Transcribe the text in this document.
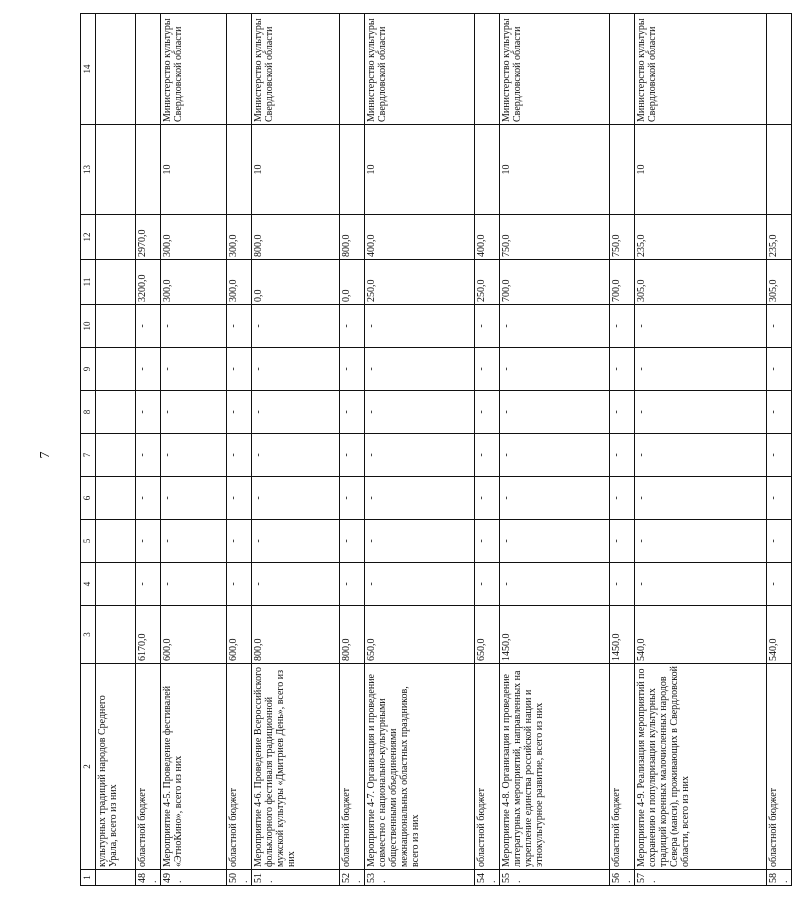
7
1	2	3	4	5	6	7	8	9	10	11	12	13	14
	культурных традиций народов Среднего Урала, всего из них												
48.	областной бюджет	6170,0	-	-	-	-	-	-	-	3200,0	2970,0		
49.	Мероприятие 4-5. Проведение фестивалей «ЭтноКино», всего из них	600,0	-	-	-	-	-	-	-	300,0	300,0	10	Министерство культуры Свердловской области
50.	областной бюджет	600,0	-	-	-	-	-	-	-	300,0	300,0		
51.	Мероприятие 4-6. Проведение Всероссийского фольклорного фестиваля традиционной мужской культуры «Дмитриев День», всего из них	800,0	-	-	-	-	-	-	-	0,0	800,0	10	Министерство культуры Свердловской области
52.	областной бюджет	800,0	-	-	-	-	-	-	-	0,0	800,0		
53.	Мероприятие 4-7. Организация и проведение совместно с национально-культурными общественными объединениями межнациональных областных праздников, всего из них	650,0	-	-	-	-	-	-	-	250,0	400,0	10	Министерство культуры Свердловской области
54.	областной бюджет	650,0	-	-	-	-	-	-	-	250,0	400,0		
55.	Мероприятие 4-8. Организация и проведение литературных мероприятий, направленных на укрепление единства российской нации и этнокультурное развитие, всего из них	1450,0	-	-	-	-	-	-	-	700,0	750,0	10	Министерство культуры Свердловской области
56.	областной бюджет	1450,0	-	-	-	-	-	-	-	700,0	750,0		
57.	Мероприятие 4-9. Реализация мероприятий по сохранению и популяризации культурных традиций коренных малочисленных народов Севера (манси), проживающих в Свердловской области, всего из них	540,0	-	-	-	-	-	-	-	305,0	235,0	10	Министерство культуры Свердловской области
58.	областной бюджет	540,0	-	-	-	-	-	-	-	305,0	235,0		
